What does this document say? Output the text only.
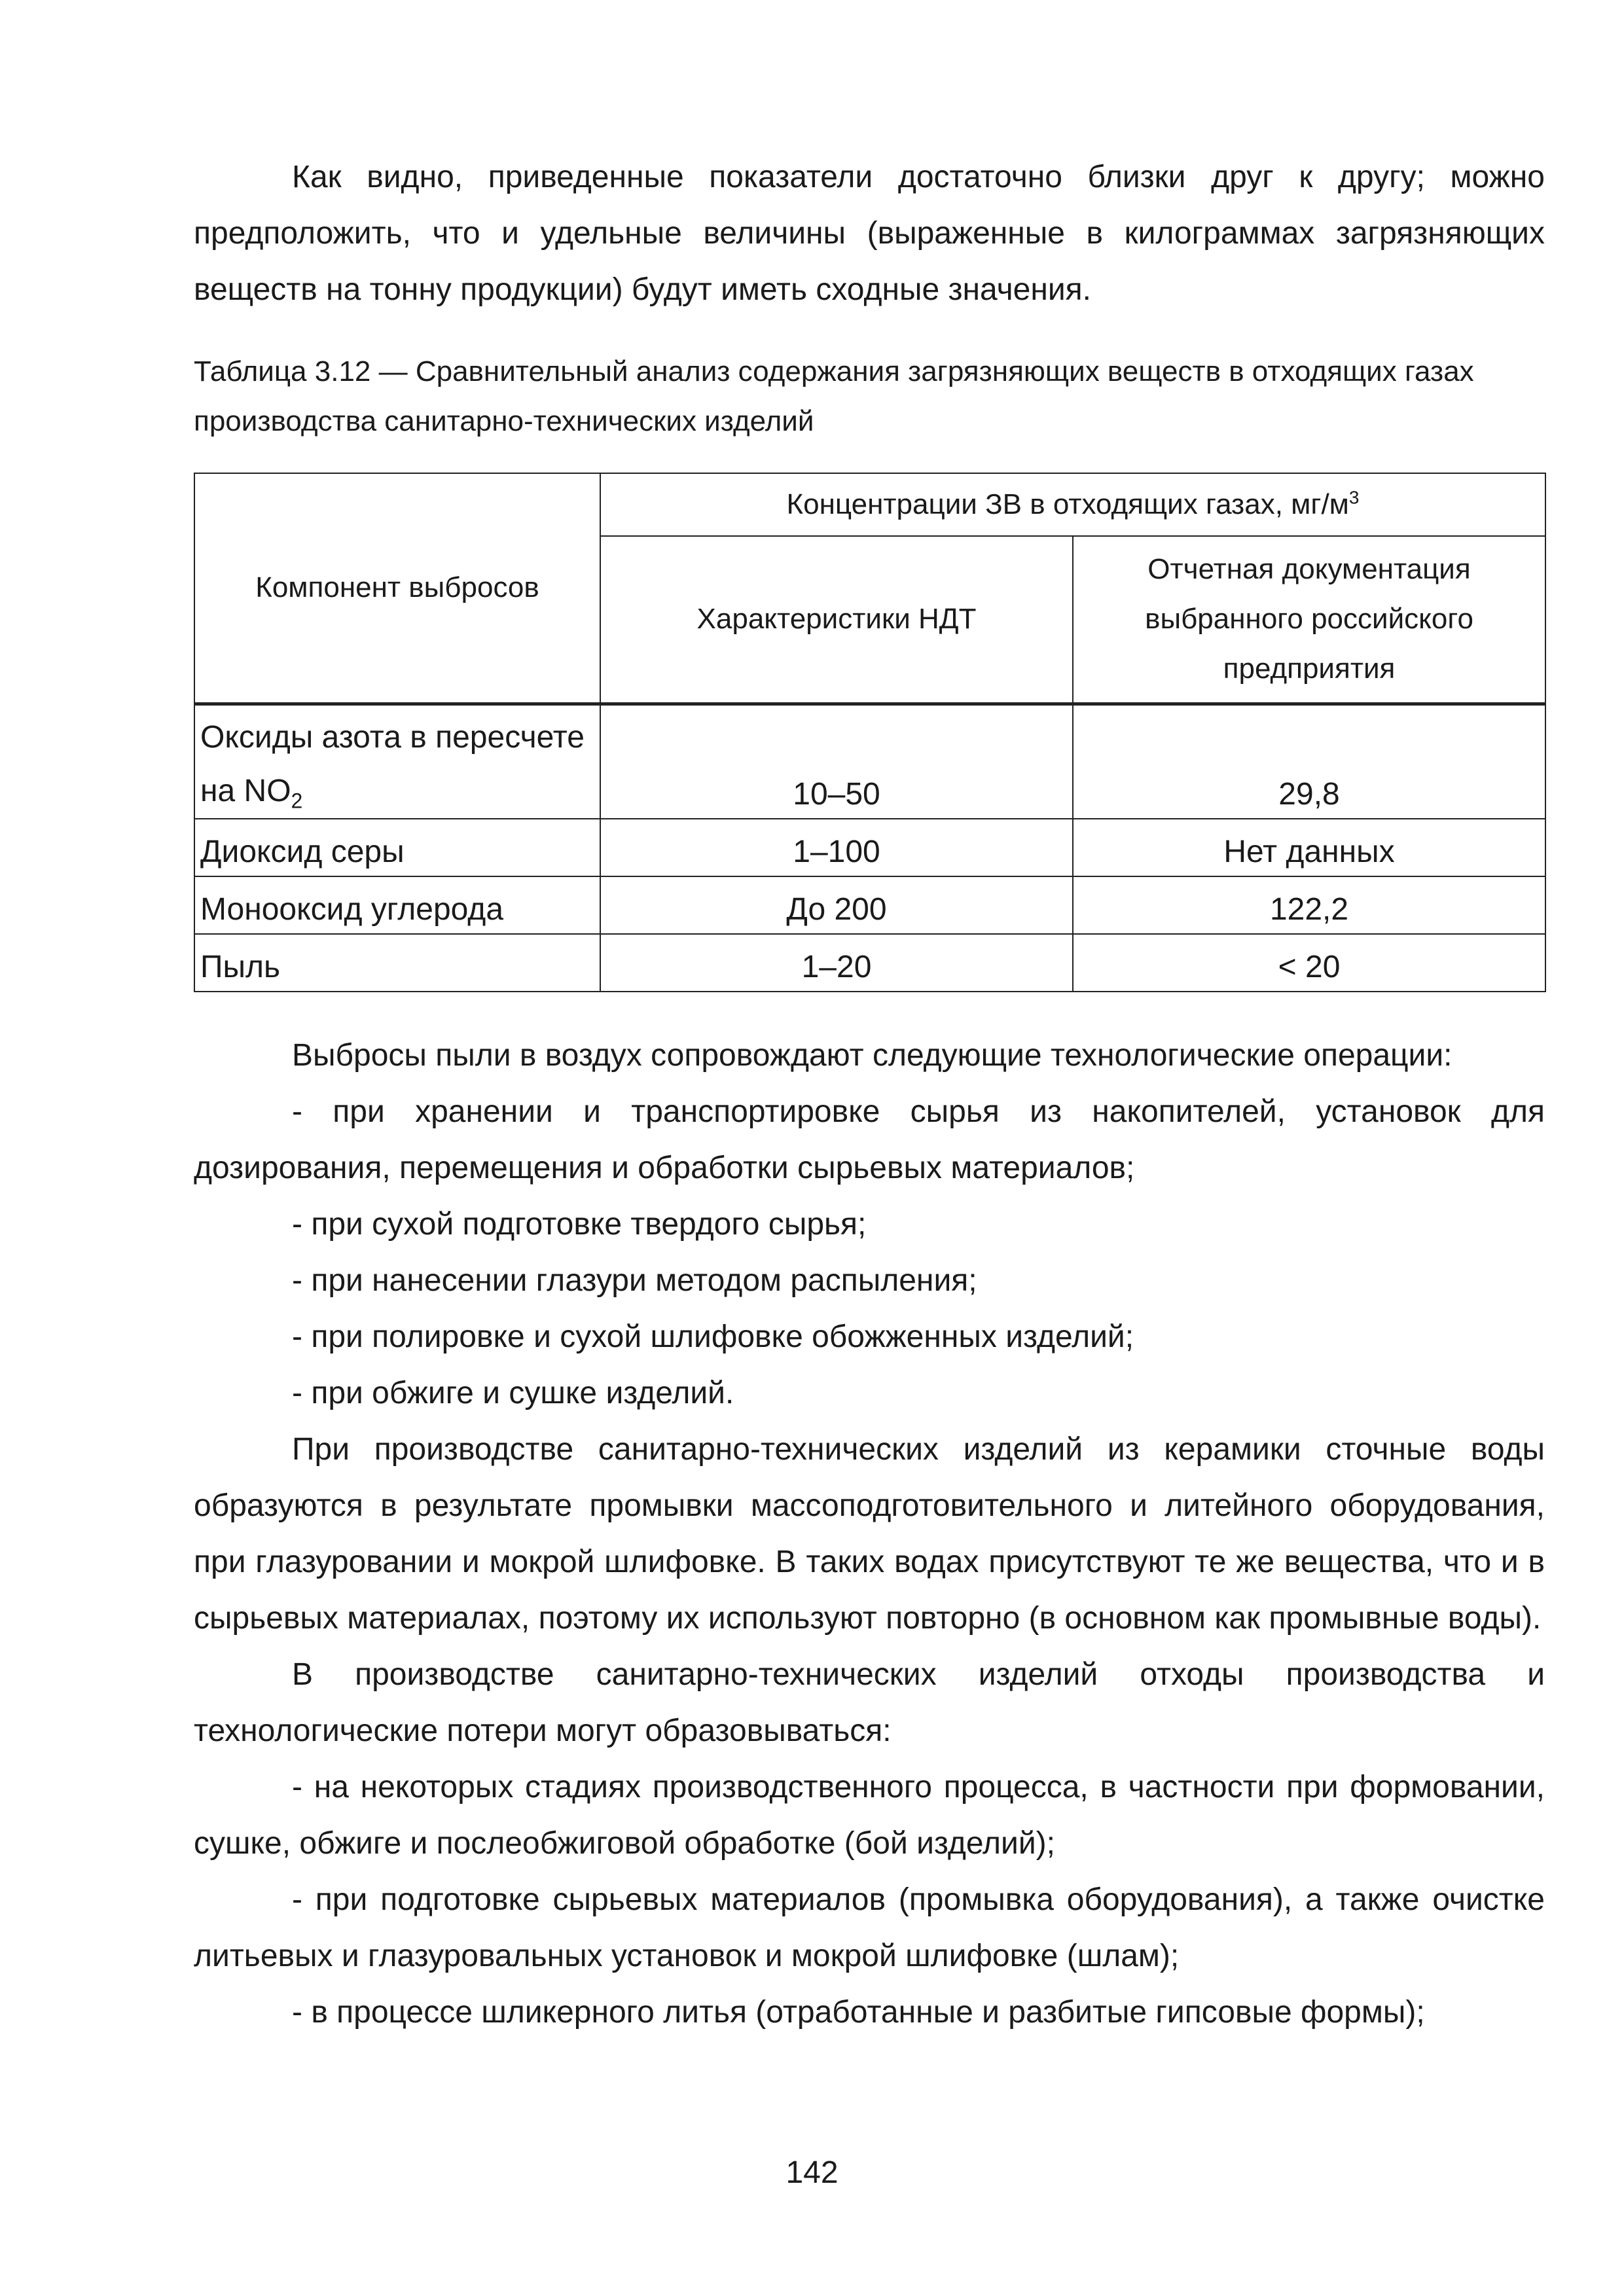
Как видно, приведенные показатели достаточно близки друг к другу; можно предположить, что и удельные величины (выраженные в килограммах загрязняющих веществ на тонну продукции) будут иметь сходные значения.

Таблица 3.12 — Сравнительный анализ содержания загрязняющих веществ в отходящих газах производства санитарно-технических изделий

Компонент выбросов	Концентрации ЗВ в отходящих газах, $мг/м^3$
	Характеристики НДТ	Отчетная документация выбранного российского предприятия
Оксиды азота в пересчете на $NO_2$	10–50	29,8
Диоксид серы	1–100	Нет данных
Монооксид углерода	До 200	122,2
Пыль	1–20	< 20

Выбросы пыли в воздух сопровождают следующие технологические операции:

- при хранении и транспортировке сырья из накопителей, установок для дозирования, перемещения и обработки сырьевых материалов;

- при сухой подготовке твердого сырья;

- при нанесении глазури методом распыления;

- при полировке и сухой шлифовке обожженных изделий;

- при обжиге и сушке изделий.

При производстве санитарно-технических изделий из керамики сточные воды образуются в результате промывки массоподготовительного и литейного оборудования, при глазуровании и мокрой шлифовке. В таких водах присутствуют те же вещества, что и в сырьевых материалах, поэтому их используют повторно (в основном как промывные воды).

В производстве санитарно-технических изделий отходы производства и технологические потери могут образовываться:

- на некоторых стадиях производственного процесса, в частности при формовании, сушке, обжиге и послеобжиговой обработке (бой изделий);

- при подготовке сырьевых материалов (промывка оборудования), а также очистке литьевых и глазуровальных установок и мокрой шлифовке (шлам);

- в процессе шликерного литья (отработанные и разбитые гипсовые формы);

142
